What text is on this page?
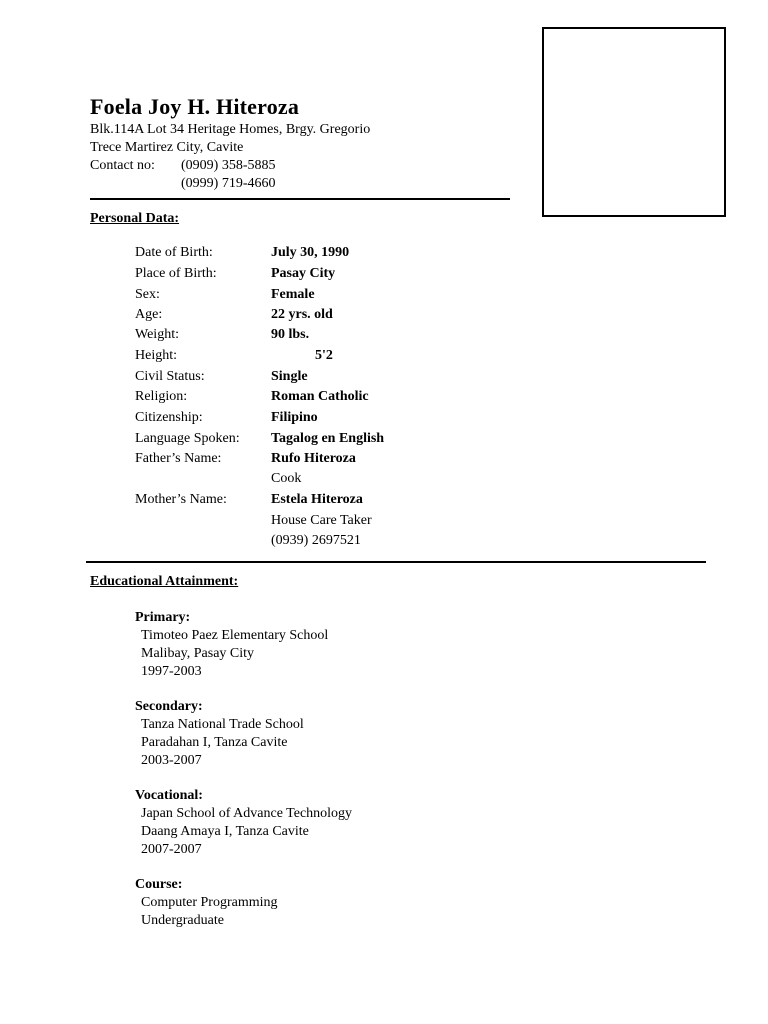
Foela Joy H. Hiteroza
Blk.114A Lot 34 Heritage Homes, Brgy. Gregorio
Trece Martirez City, Cavite
Contact no: (0909) 358-5885
(0999) 719-4660
Personal Data:
Date of Birth:	July 30, 1990
Place of Birth:	Pasay City
Sex:	Female
Age:	22 yrs. old
Weight:	90 lbs.
Height:	5'2
Civil Status:	Single
Religion:	Roman Catholic
Citizenship:	Filipino
Language Spoken: Tagalog en English
Father’s Name:	Rufo Hiteroza
Cook
Mother’s Name:	Estela Hiteroza
House Care Taker
(0939) 2697521
Educational Attainment:
Primary:
Timoteo Paez Elementary School
Malibay, Pasay City
1997-2003
Secondary:
Tanza National Trade School
Paradahan I, Tanza Cavite
2003-2007
Vocational:
Japan School of Advance Technology
Daang Amaya I, Tanza Cavite
2007-2007
Course:
Computer Programming
Undergraduate
